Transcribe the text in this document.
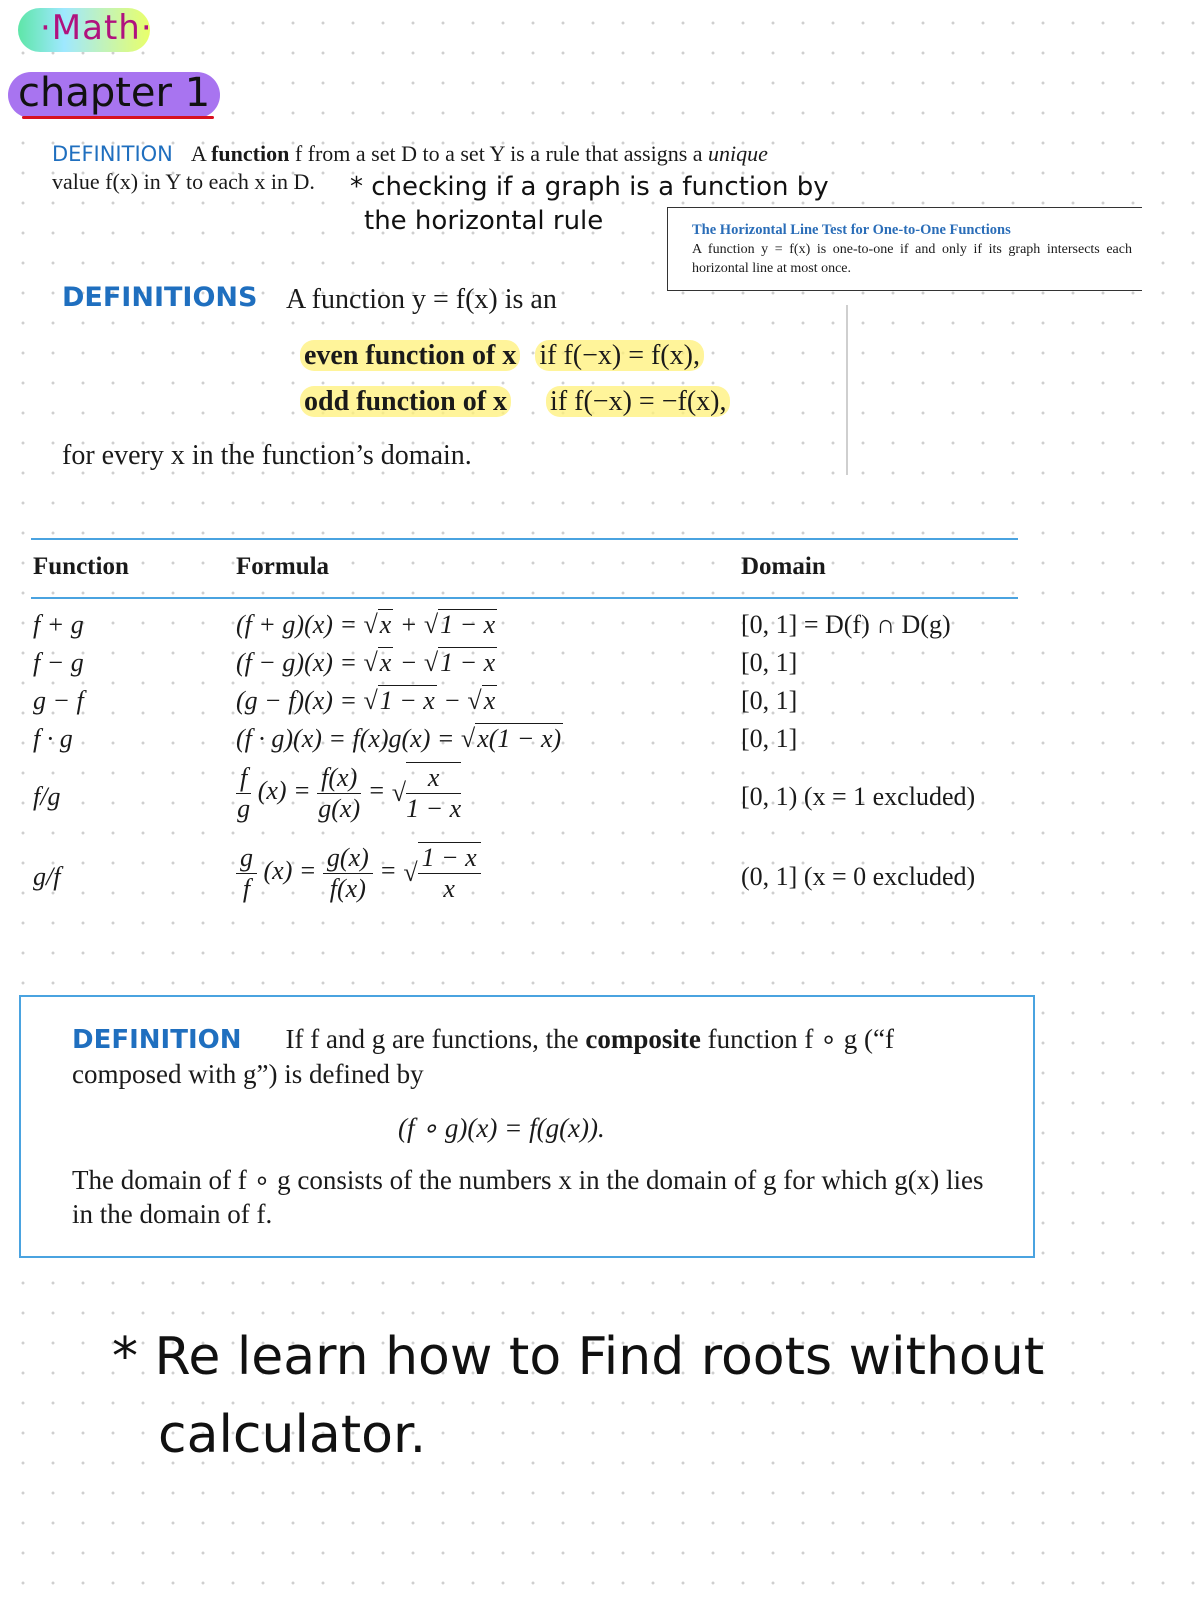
·Math·
chapter 1
DEFINITION A function f from a set D to a set Y is a rule that assigns a unique
value f(x) in Y to each x in D.	* checking if a graph is a function by
the horizontal rule	The Horizontal Line Test for One-to-One Functions
A function y = f(x) is one-to-one if and only if its graph intersects each horizontal line at most once.
DEFINITIONS A function y = f(x) is an
even function of x if f(−x) = f(x),
odd function of x if f(−x) = −f(x),
for every x in the function’s domain.
Function	Formula	Domain
f + g	(f + g)(x) = √x + √1 − x	[0, 1] = D(f) ∩ D(g)
f − g	(f − g)(x) = √x − √1 − x	[0, 1]
g − f	(g − f)(x) = √1 − x − √x	[0, 1]
f · g	(f · g)(x) = f(x)g(x) = √x(1 − x)	[0, 1]
f/g	$\frac{f}{g} (x) = \frac{f(x)}{g(x)}$ = √ $\frac{x}{1 - x}$	[0, 1) (x = 1 excluded)
g/f	$\frac{g}{f} (x) = \frac{g(x)}{f(x)}$ = √ $\frac{1 - x}{x}$	(0, 1] (x = 0 excluded)
DEFINITION If f and g are functions, the composite function f ∘ g (“f composed with g”) is defined by
(f ∘ g)(x) = f(g(x)).
The domain of f ∘ g consists of the numbers x in the domain of g for which g(x) lies in the domain of f.
* Re learn how to Find roots without
calculator.
